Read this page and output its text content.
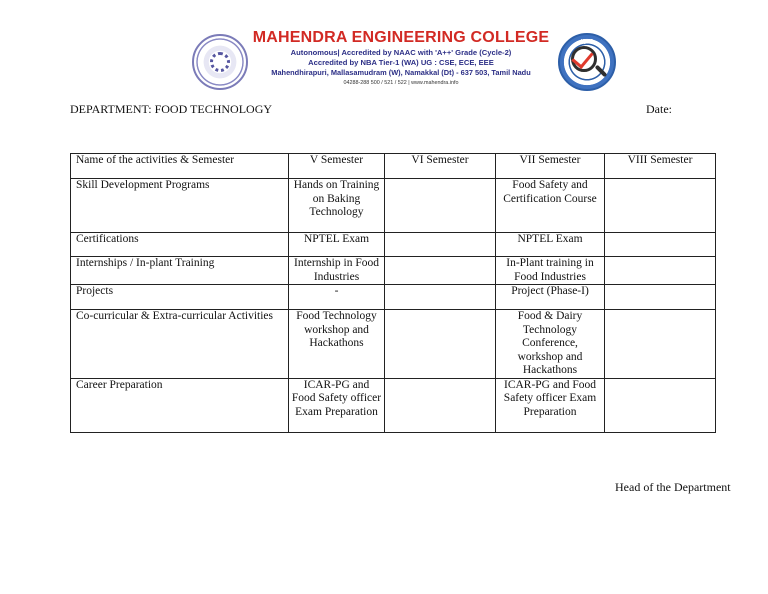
MAHENDRA ENGINEERING COLLEGE
Autonomous| Accredited by NAAC with 'A++' Grade (Cycle-2)
Accredited by NBA Tier-1 (WA) UG : CSE, ECE, EEE
Mahendhirapuri, Mallasamudram (W), Namakkal (Dt) - 637 503, Tamil Nadu
04288-288 500 / 521 / 522 | www.mahendra.info
IQAC
DEPARTMENT: FOOD TECHNOLOGY	Date:
Name of the activities & Semester	V Semester	VI Semester	VII Semester	VIII Semester
Skill Development Programs	Hands on Training on Baking Technology		Food Safety and Certification Course	
Certifications	NPTEL Exam		NPTEL Exam	
Internships / In-plant Training	Internship in Food Industries		In-Plant training in Food Industries	
Projects	-		Project (Phase-I)	
Co-curricular & Extra-curricular Activities	Food Technology workshop and Hackathons		Food & Dairy Technology Conference, workshop and Hackathons	
Career Preparation	ICAR-PG and Food Safety officer Exam Preparation		ICAR-PG and Food Safety officer Exam Preparation	
Head of the Department
